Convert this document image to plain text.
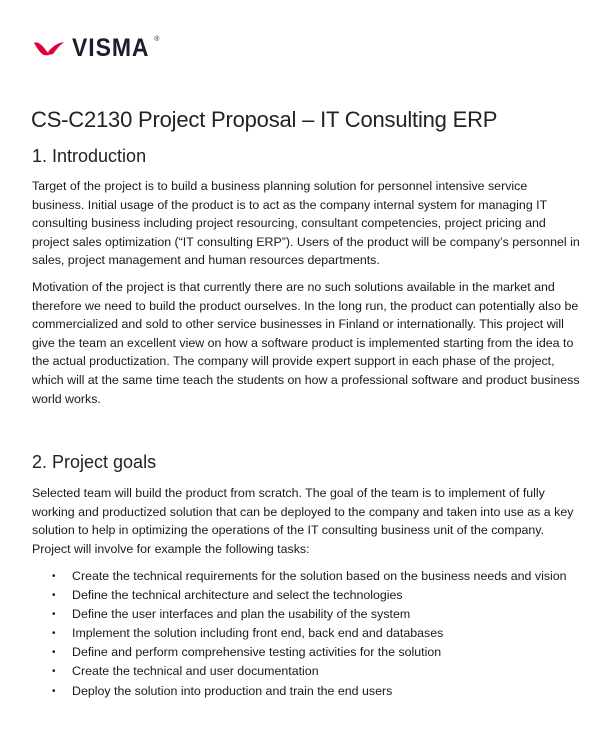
VISMA ®
CS-C2130 Project Proposal – IT Consulting ERP
1. Introduction

Target of the project is to build a business planning solution for personnel intensive service business. Initial usage of the product is to act as the company internal system for managing IT consulting business including project resourcing, consultant competencies, project pricing and project sales optimization (“IT consulting ERP”). Users of the product will be company’s personnel in sales, project management and human resources departments.

Motivation of the project is that currently there are no such solutions available in the market and therefore we need to build the product ourselves. In the long run, the product can potentially also be commercialized and sold to other service businesses in Finland or internationally. This project will give the team an excellent view on how a software product is implemented starting from the idea to the actual productization. The company will provide expert support in each phase of the project, which will at the same time teach the students on how a professional software and product business world works.

2. Project goals

Selected team will build the product from scratch. The goal of the team is to implement of fully working and productized solution that can be deployed to the company and taken into use as a key solution to help in optimizing the operations of the IT consulting business unit of the company. Project will involve for example the following tasks:

• Create the technical requirements for the solution based on the business needs and vision
• Define the technical architecture and select the technologies
• Define the user interfaces and plan the usability of the system
• Implement the solution including front end, back end and databases
• Define and perform comprehensive testing activities for the solution
• Create the technical and user documentation
• Deploy the solution into production and train the end users
